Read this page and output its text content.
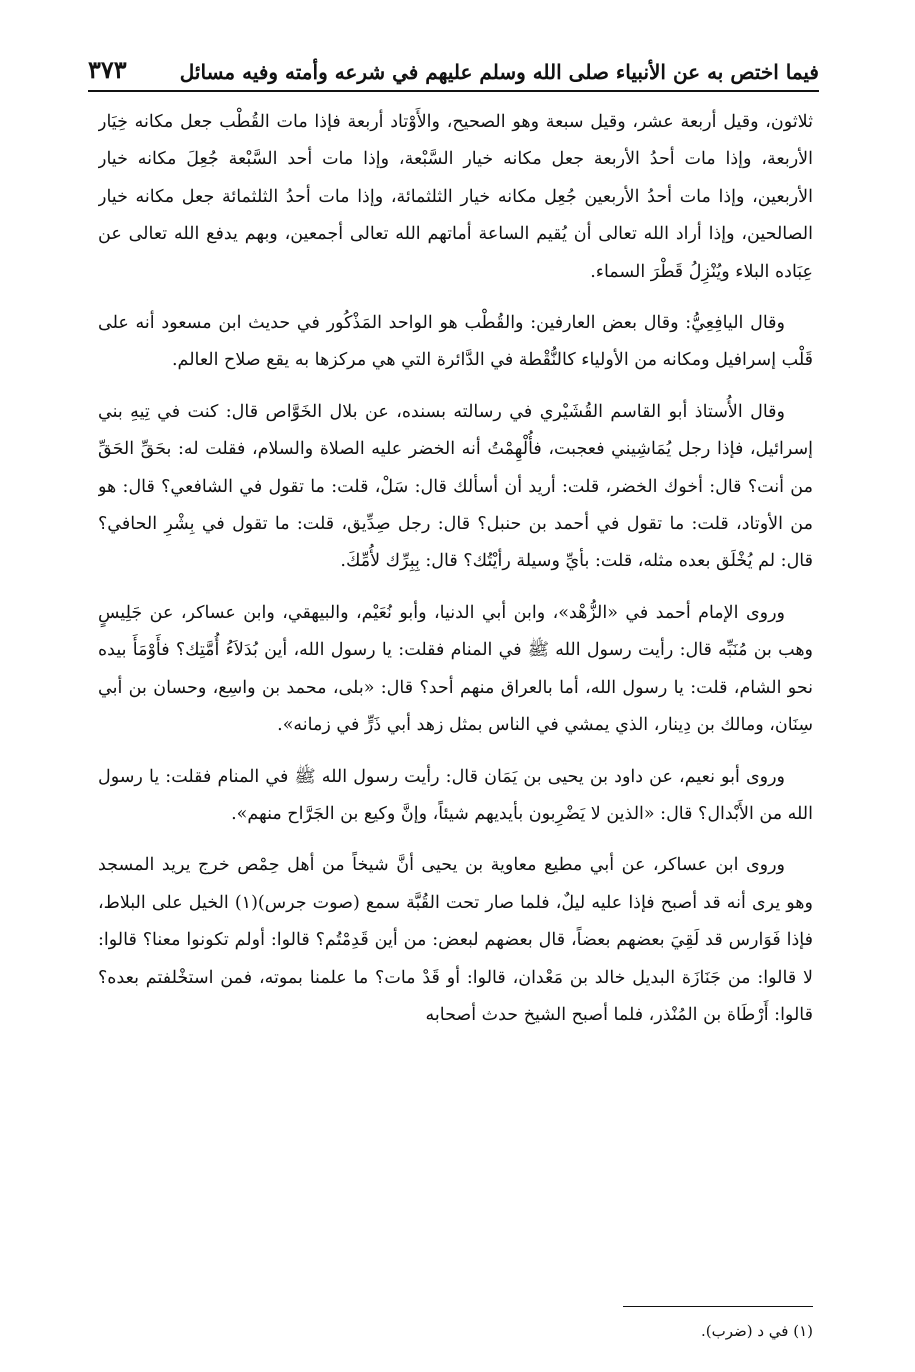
فيما اختص به عن الأنبياء صلى الله وسلم عليهم في شرعه وأمته وفيه مسائل
٣٧٣

ثلاثون، وقيل أربعة عشر، وقيل سبعة وهو الصحيح، والأَوْتاد أربعة فإذا مات القُطْب جعل مكانه خِيَار الأربعة، وإذا مات أحدُ الأربعة جعل مكانه خيار السَّبْعة، وإذا مات أحد السَّبْعة جُعِلَ مكانه خيار الأربعين، وإذا مات أحدُ الأربعين جُعِل مكانه خيار الثلثمائة، وإذا مات أحدُ الثلثمائة جعل مكانه خيار الصالحين، وإذا أراد الله تعالى أن يُقيم الساعة أماتهم الله تعالى أجمعين، وبهم يدفع الله تعالى عن عِبَاده البلاء ويُنْزِلُ قَطْرَ السماء.

وقال اليافِعِيُّ: وقال بعض العارفين: والقُطْب هو الواحد المَذْكُور في حديث ابن مسعود أنه على قَلْب إسرافيل ومكانه من الأولياء كالنُّقْطة في الدَّائرة التي هي مركزها به يقع صلاح العالم.

وقال الأُستاذ أبو القاسم القُشَيْري في رسالته بسنده، عن بلال الخَوَّاص قال: كنت في تِيهِ بني إسرائيل، فإذا رجل يُمَاشِيني فعجبت، فأُلْهِمْتُ أنه الخضر عليه الصلاة والسلام، فقلت له: بحَقِّ الحَقِّ من أنت؟ قال: أخوك الخضر، قلت: أريد أن أسألك قال: سَلْ، قلت: ما تقول في الشافعي؟ قال: هو من الأوتاد، قلت: ما تقول في أحمد بن حنبل؟ قال: رجل صِدِّيق، قلت: ما تقول في بِشْرِ الحافي؟ قال: لم يُخْلَق بعده مثله، قلت: بأيِّ وسيلة رأيْتُك؟ قال: بِبِرِّك لأُمِّكَ.

وروى الإمام أحمد في «الزُّهْد»، وابن أبي الدنيا، وأبو نُعَيْم، والبيهقي، وابن عساكر، عن جَلِيسٍ وهب بن مُنَبِّه قال: رأيت رسول الله ﷺ في المنام فقلت: يا رسول الله، أين بُدَلاَءُ أُمَّتِك؟ فأَوْمَأَ بيده نحو الشام، قلت: يا رسول الله، أما بالعراق منهم أحد؟ قال: «بلى، محمد بن واسِع، وحسان بن أبي سِنَان، ومالك بن دِينار، الذي يمشي في الناس بمثل زهد أبي ذَرٍّ في زمانه».

وروى أبو نعيم، عن داود بن يحيى بن يَمَان قال: رأيت رسول الله ﷺ في المنام فقلت: يا رسول الله من الأَبْدال؟ قال: «الذين لا يَضْرِبون بأيديهم شيئاً، وإنَّ وكيع بن الجَرَّاح منهم».

وروى ابن عساكر، عن أبي مطيع معاوية بن يحيى أنَّ شيخاً من أهل حِمْص خرج يريد المسجد وهو يرى أنه قد أصبح فإذا عليه ليلٌ، فلما صار تحت القُبَّة سمع (صوت جرس)(١) الخيل على البلاط، فإذا فَوَارس قد لَقِيَ بعضهم بعضاً، قال بعضهم لبعض: من أين قَدِمْتُم؟ قالوا: أولم تكونوا معنا؟ قالوا: لا قالوا: من جَنَازَة البديل خالد بن مَعْدان، قالوا: أو قَدْ مات؟ ما علمنا بموته، فمن استخْلفتم بعده؟ قالوا: أَرْطَاة بن المُنْذر، فلما أصبح الشيخ حدث أصحابه

(١) في د (ضرب).
